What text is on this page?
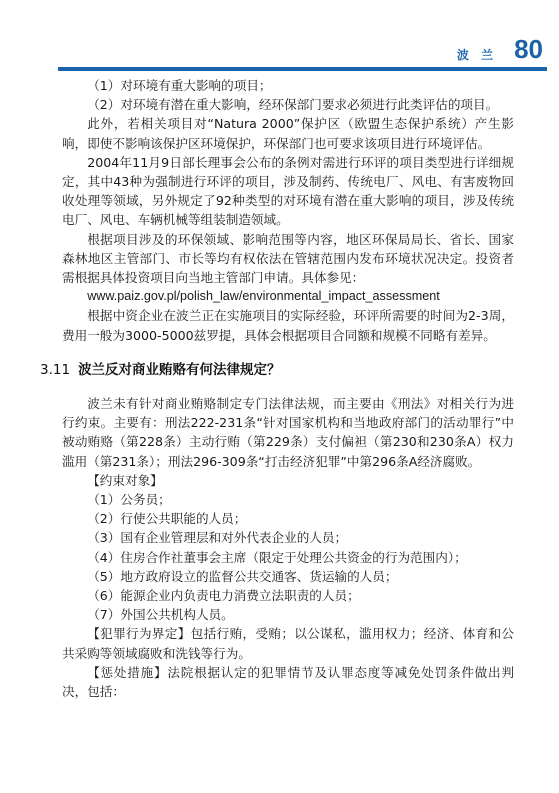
波 兰 80

（1）对环境有重大影响的项目；

（2）对环境有潜在重大影响，经环保部门要求必须进行此类评估的项目。

此外，若相关项目对“Natura 2000”保护区（欧盟生态保护系统）产生影响，即使不影响该保护区环境保护，环保部门也可要求该项目进行环境评估。

2004年11月9日部长理事会公布的条例对需进行环评的项目类型进行详细规定，其中43种为强制进行环评的项目，涉及制药、传统电厂、风电、有害废物回收处理等领域，另外规定了92种类型的对环境有潜在重大影响的项目，涉及传统电厂、风电、车辆机械等组装制造领域。

根据项目涉及的环保领域、影响范围等内容，地区环保局局长、省长、国家森林地区主管部门、市长等均有权依法在管辖范围内发布环境状况决定。投资者需根据具体投资项目向当地主管部门申请。具体参见：

www.paiz.gov.pl/polish_law/environmental_impact_assessment

根据中资企业在波兰正在实施项目的实际经验，环评所需要的时间为2-3周，费用一般为3000-5000兹罗提，具体会根据项目合同额和规模不同略有差异。

3.11 波兰反对商业贿赂有何法律规定？

波兰未有针对商业贿赂制定专门法律法规，而主要由《刑法》对相关行为进行约束。主要有：刑法222-231条“针对国家机构和当地政府部门的活动罪行”中被动贿赂（第228条）主动行贿（第229条）支付偏袒（第230和230条A）权力滥用（第231条）；刑法296-309条“打击经济犯罪”中第296条A经济腐败。

【约束对象】

（1）公务员；

（2）行使公共职能的人员；

（3）国有企业管理层和对外代表企业的人员；

（4）住房合作社董事会主席（限定于处理公共资金的行为范围内）；

（5）地方政府设立的监督公共交通客、货运输的人员；

（6）能源企业内负责电力消费立法职责的人员；

（7）外国公共机构人员。

【犯罪行为界定】包括行贿，受贿；以公谋私，滥用权力；经济、体育和公共采购等领域腐败和洗钱等行为。

【惩处措施】法院根据认定的犯罪情节及认罪态度等减免处罚条件做出判决，包括：
